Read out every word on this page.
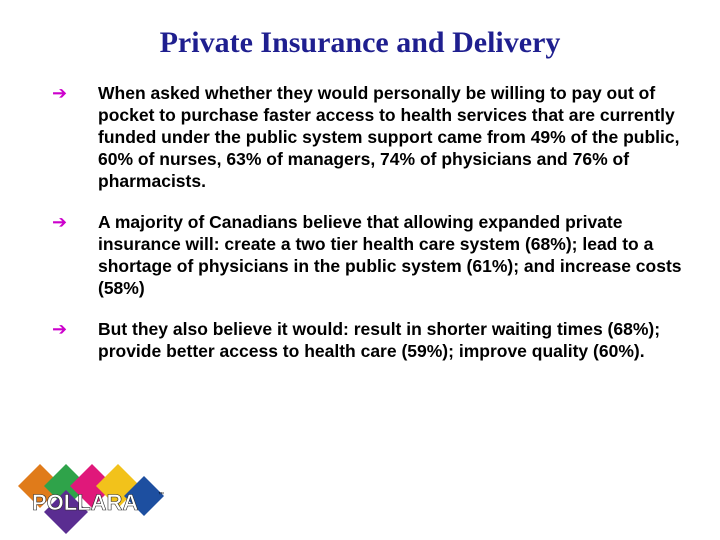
Private Insurance and Delivery
➔	When asked whether they would personally be willing to pay out of pocket to purchase faster access to health services that are currently funded under the public system support came from 49% of the public, 60% of nurses, 63% of managers, 74% of physicians and 76% of pharmacists.
➔	A majority of Canadians believe that allowing expanded private insurance will: create a two tier health care system (68%); lead to a shortage of physicians in the public system (61%); and increase costs (58%)
➔	But they also believe it would: result in shorter waiting times (68%); provide better access to health care (59%); improve quality (60%).
POLLARA	™
